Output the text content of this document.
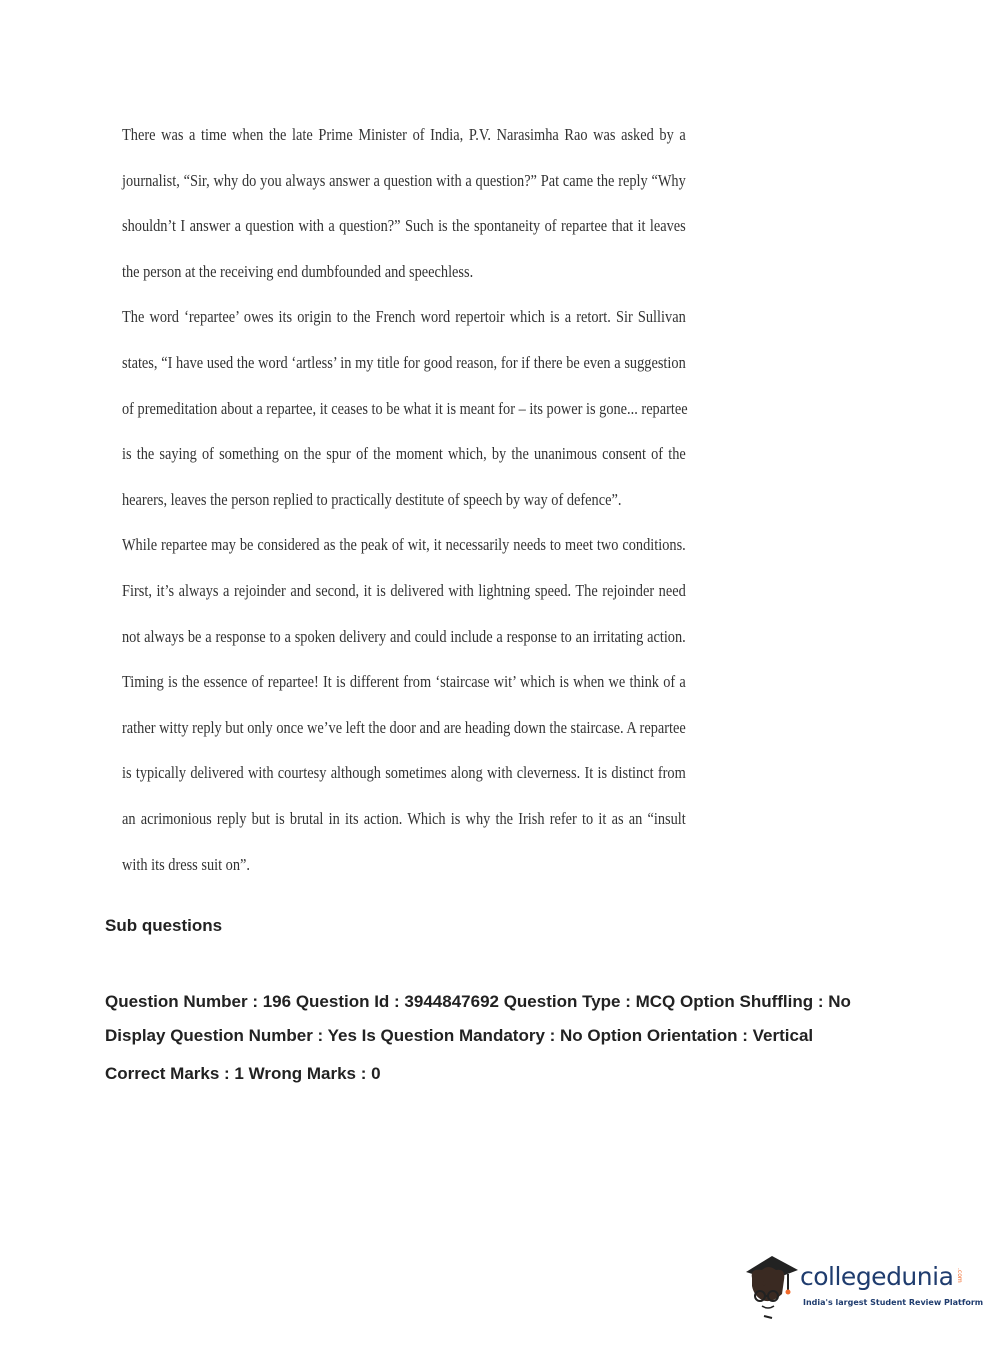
There was a time when the late Prime Minister of India, P.V. Narasimha Rao was asked by a
journalist, “Sir, why do you always answer a question with a question?” Pat came the reply “Why
shouldn’t I answer a question with a question?” Such is the spontaneity of repartee that it leaves
the person at the receiving end dumbfounded and speechless.
The word ‘repartee’ owes its origin to the French word repertoir which is a retort. Sir Sullivan
states, “I have used the word ‘artless’ in my title for good reason, for if there be even a suggestion
of premeditation about a repartee, it ceases to be what it is meant for – its power is gone... repartee
is the saying of something on the spur of the moment which, by the unanimous consent of the
hearers, leaves the person replied to practically destitute of speech by way of defence”.
While repartee may be considered as the peak of wit, it necessarily needs to meet two conditions.
First, it’s always a rejoinder and second, it is delivered with lightning speed. The rejoinder need
not always be a response to a spoken delivery and could include a response to an irritating action.
Timing is the essence of repartee! It is different from ‘staircase wit’ which is when we think of a
rather witty reply but only once we’ve left the door and are heading down the staircase. A repartee
is typically delivered with courtesy although sometimes along with cleverness. It is distinct from
an acrimonious reply but is brutal in its action. Which is why the Irish refer to it as an “insult
with its dress suit on”.
Sub questions
Question Number : 196 Question Id : 3944847692 Question Type : MCQ Option Shuffling : No
Display Question Number : Yes Is Question Mandatory : No Option Orientation : Vertical
Correct Marks : 1 Wrong Marks : 0
collegedunia .com
India's largest Student Review Platform
